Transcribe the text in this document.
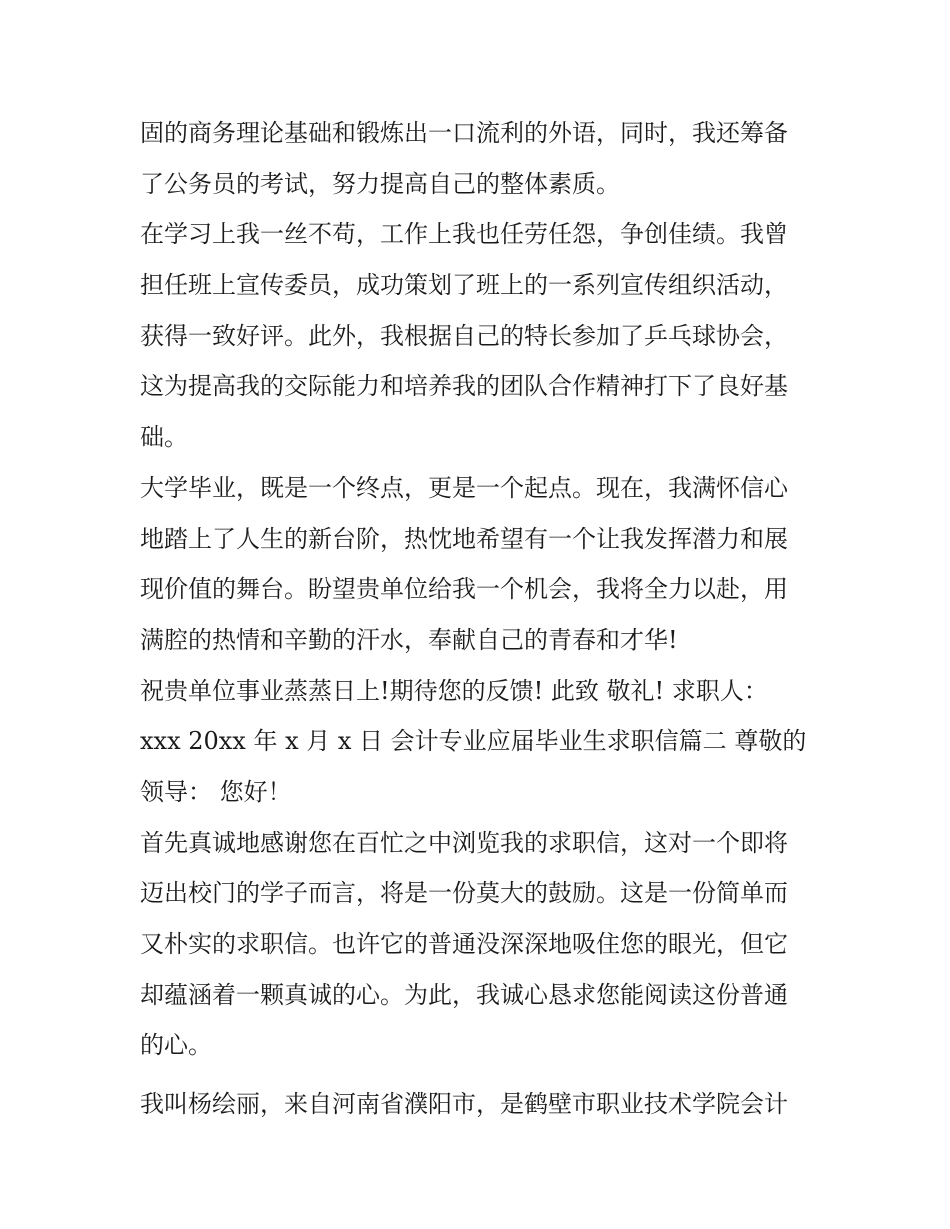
固的商务理论基础和锻炼出一口流利的外语，同时，我还筹备
了公务员的考试，努力提高自己的整体素质。
在学习上我一丝不苟，工作上我也任劳任怨，争创佳绩。我曾
担任班上宣传委员，成功策划了班上的一系列宣传组织活动，
获得一致好评。此外，我根据自己的特长参加了乒乓球协会，
这为提高我的交际能力和培养我的团队合作精神打下了良好基
础。
大学毕业，既是一个终点，更是一个起点。现在，我满怀信心
地踏上了人生的新台阶，热忱地希望有一个让我发挥潜力和展
现价值的舞台。盼望贵单位给我一个机会，我将全力以赴，用
满腔的热情和辛勤的汗水，奉献自己的青春和才华!
祝贵单位事业蒸蒸日上!期待您的反馈! 此致 敬礼! 求职人：
xxx 20xx 年 x 月 x 日 会计专业应届毕业生求职信篇二 尊敬的
领导： 您好！
首先真诚地感谢您在百忙之中浏览我的求职信，这对一个即将
迈出校门的学子而言，将是一份莫大的鼓励。这是一份简单而
又朴实的求职信。也许它的普通没深深地吸住您的眼光，但它
却蕴涵着一颗真诚的心。为此，我诚心恳求您能阅读这份普通
的心。
我叫杨绘丽，来自河南省濮阳市，是鹤壁市职业技术学院会计
